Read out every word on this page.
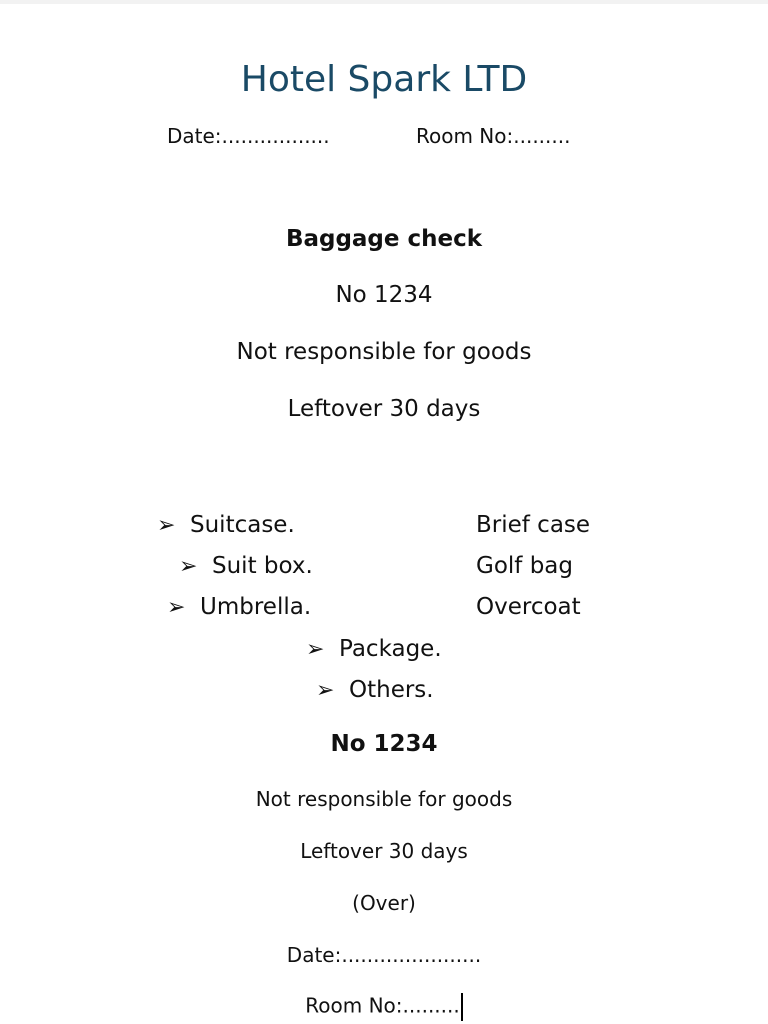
Hotel Spark LTD
Date:.................	Room No:.........
Baggage check
No 1234
Not responsible for goods
Leftover 30 days
➢ Suitcase.	Brief case
➢ Suit box.	Golf bag
➢ Umbrella.	Overcoat
➢ Package.
➢ Others.
No 1234
Not responsible for goods
Leftover 30 days
(Over)
Date:......................
Room No:.........
